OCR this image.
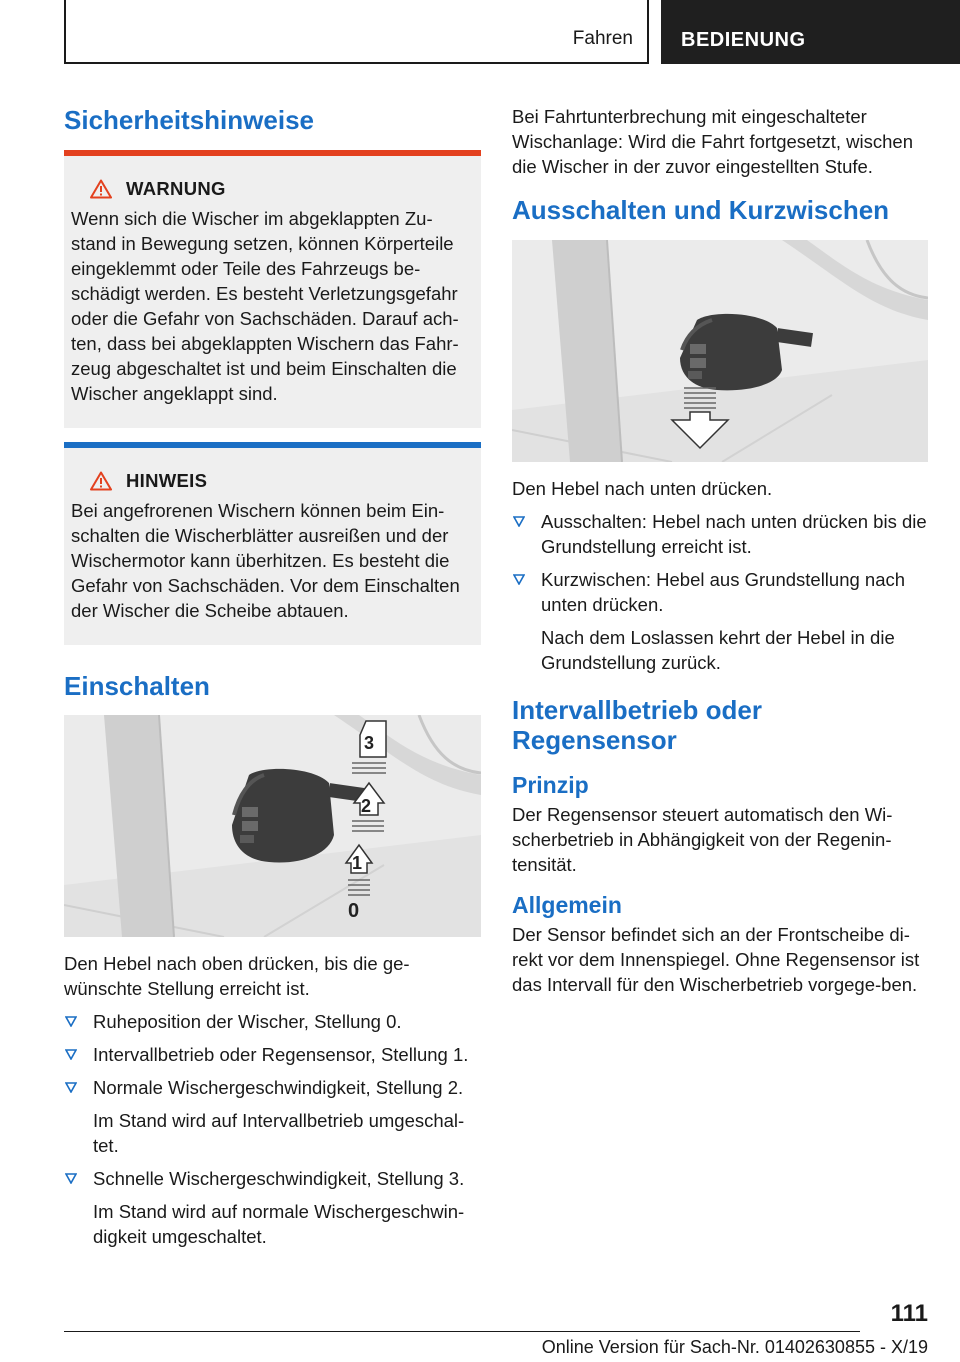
Fahren BEDIENUNG
Sicherheitshinweise
WARNUNG

Wenn sich die Wischer im abgeklappten Zu-stand in Bewegung setzen, können Körperteile eingeklemmt oder Teile des Fahrzeugs be-schädigt werden. Es besteht Verletzungsgefahr oder die Gefahr von Sachschäden. Darauf ach-ten, dass bei abgeklappten Wischern das Fahr-zeug abgeschaltet ist und beim Einschalten die Wischer angeklappt sind.

HINWEIS

Bei angefrorenen Wischern können beim Ein-schalten die Wischerblätter ausreißen und der Wischermotor kann überhitzen. Es besteht die Gefahr von Sachschäden. Vor dem Einschalten der Wischer die Scheibe abtauen.

Einschalten
3
2
1
0

Den Hebel nach oben drücken, bis die ge-wünschte Stellung erreicht ist.

Ruheposition der Wischer, Stellung 0.
Intervallbetrieb oder Regensensor, Stellung 1.
Normale Wischergeschwindigkeit, Stellung 2.
Im Stand wird auf Intervallbetrieb umgeschal-tet.
Schnelle Wischergeschwindigkeit, Stellung 3.
Im Stand wird auf normale Wischergeschwin-digkeit umgeschaltet.

Bei Fahrtunterbrechung mit eingeschalteter Wischanlage: Wird die Fahrt fortgesetzt, wischen die Wischer in der zuvor eingestellten Stufe.

Ausschalten und Kurzwischen

Den Hebel nach unten drücken.

Ausschalten: Hebel nach unten drücken bis die Grundstellung erreicht ist.
Kurzwischen: Hebel aus Grundstellung nach unten drücken.
Nach dem Loslassen kehrt der Hebel in die Grundstellung zurück.
Intervallbetrieb oder Regensensor
Prinzip

Der Regensensor steuert automatisch den Wi-scherbetrieb in Abhängigkeit von der Regenin-tensität.

Allgemein

Der Sensor befindet sich an der Frontscheibe di-rekt vor dem Innenspiegel. Ohne Regensensor ist das Intervall für den Wischerbetrieb vorgege-ben.

111
Online Version für Sach-Nr. 01402630855 - X/19
